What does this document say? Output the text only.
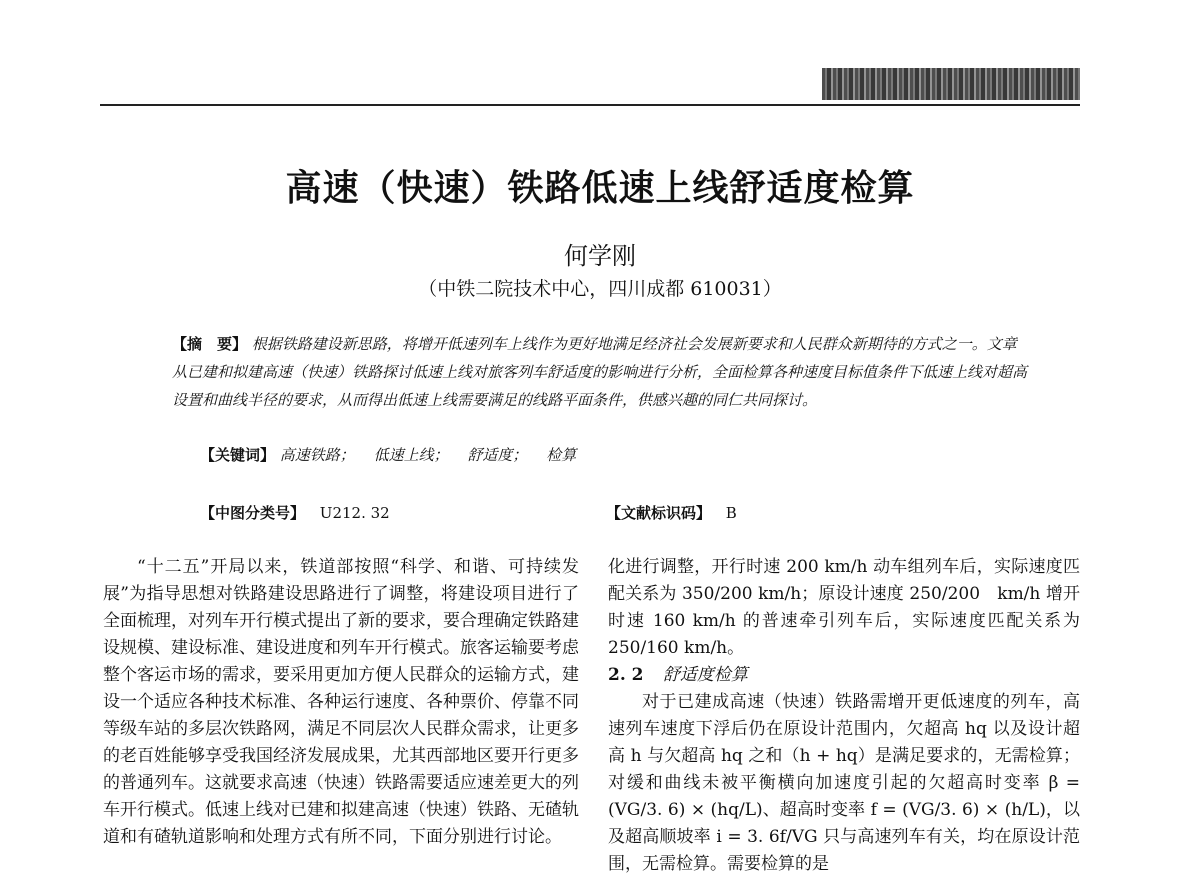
高速（快速）铁路低速上线舒适度检算
何学刚
（中铁二院技术中心，四川成都 610031）
【摘　要】 根据铁路建设新思路，将增开低速列车上线作为更好地满足经济社会发展新要求和人民群众新期待的方式之一。文章从已建和拟建高速（快速）铁路探讨低速上线对旅客列车舒适度的影响进行分析，全面检算各种速度目标值条件下低速上线对超高设置和曲线半径的要求，从而得出低速上线需要满足的线路平面条件，供感兴趣的同仁共同探讨。
【关键词】 高速铁路； 低速上线； 舒适度； 检算
【中图分类号】 U212. 32	【文献标识码】 B
“十二五”开局以来，铁道部按照“科学、和谐、可持续发展”为指导思想对铁路建设思路进行了调整，将建设项目进行了全面梳理，对列车开行模式提出了新的要求，要合理确定铁路建设规模、建设标准、建设进度和列车开行模式。旅客运输要考虑整个客运市场的需求，要采用更加方便人民群众的运输方式，建设一个适应各种技术标准、各种运行速度、各种票价、停靠不同等级车站的多层次铁路网，满足不同层次人民群众需求，让更多的老百姓能够享受我国经济发展成果，尤其西部地区要开行更多的普通列车。这就要求高速（快速）铁路需要适应速差更大的列车开行模式。低速上线对已建和拟建高速（快速）铁路、无碴轨道和有碴轨道影响和处理方式有所不同，下面分别进行讨论。
化进行调整，开行时速 200 km/h 动车组列车后，实际速度匹配关系为 350/200 km/h；原设计速度 250/200　km/h 增开时速 160 km/h 的普速牵引列车后，实际速度匹配关系为 250/160 km/h。
2. 2 舒适度检算
对于已建成高速（快速）铁路需增开更低速度的列车，高速列车速度下浮后仍在原设计范围内，欠超高 hq 以及设计超高 h 与欠超高 hq 之和（h + hq）是满足要求的，无需检算；对缓和曲线未被平衡横向加速度引起的欠超高时变率 β = (VG/3. 6) × (hq/L)、超高时变率 f = (VG/3. 6) × (h/L)，以及超高顺坡率 i = 3. 6f/VG 只与高速列车有关，均在原设计范围，无需检算。需要检算的是
